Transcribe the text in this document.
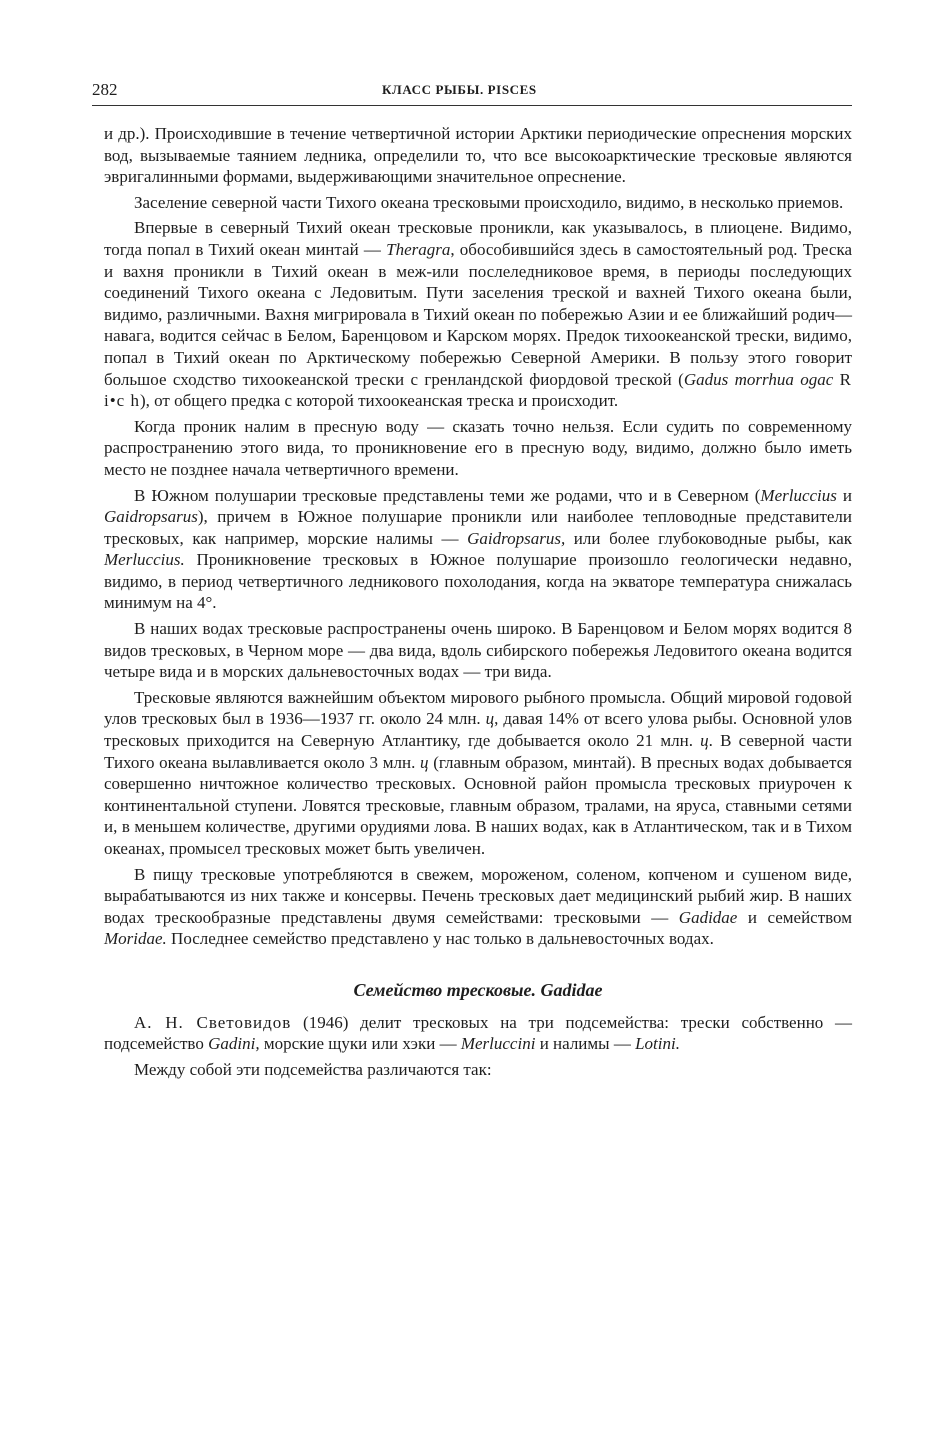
282	КЛАСС РЫБЫ. PISCES

и др.). Происходившие в течение четвертичной истории Арктики периодические опреснения морских вод, вызываемые таянием ледника, определили то, что все высокоарктические тресковые являются эвригалинными формами, выдерживающими значительное опреснение.

Заселение северной части Тихого океана тресковыми происходило, видимо, в несколько приемов.

Впервые в северный Тихий океан тресковые проникли, как указывалось, в плиоцене. Видимо, тогда попал в Тихий океан минтай — Theragra, обособившийся здесь в самостоятельный род. Треска и вахня проникли в Тихий океан в меж-или послеледниковое время, в периоды последующих соединений Тихого океана с Ледовитым. Пути заселения треской и вахней Тихого океана были, видимо, различными. Вахня мигрировала в Тихий океан по побережью Азии и ее ближайший родич—навага, водится сейчас в Белом, Баренцовом и Карском морях. Предок тихоокеанской трески, видимо, попал в Тихий океан по Арктическому побережью Северной Америки. В пользу этого говорит большое сходство тихоокеанской трески с гренландской фиордовой треской (Gadus morrhua ogac R i•c h), от общего предка с которой тихоокеанская треска и происходит.

Когда проник налим в пресную воду — сказать точно нельзя. Если судить по современному распространению этого вида, то проникновение его в пресную воду, видимо, должно было иметь место не позднее начала четвертичного времени.

В Южном полушарии тресковые представлены теми же родами, что и в Северном (Merluccius и Gaidropsarus), причем в Южное полушарие проникли или наиболее тепловодные представители тресковых, как например, морские налимы — Gaidropsarus, или более глубоководные рыбы, как Merluccius. Проникновение тресковых в Южное полушарие произошло геологически недавно, видимо, в период четвертичного ледникового похолодания, когда на экваторе температура снижалась минимум на 4°.

В наших водах тресковые распространены очень широко. В Баренцовом и Белом морях водится 8 видов тресковых, в Черном море — два вида, вдоль сибирского побережья Ледовитого океана водится четыре вида и в морских дальневосточных водах — три вида.

Тресковые являются важнейшим объектом мирового рыбного промысла. Общий мировой годовой улов тресковых был в 1936—1937 гг. около 24 млн. ц, давая 14% от всего улова рыбы. Основной улов тресковых приходится на Северную Атлантику, где добывается около 21 млн. ц. В северной части Тихого океана вылавливается около 3 млн. ц (главным образом, минтай). В пресных водах добывается совершенно ничтожное количество тресковых. Основной район промысла тресковых приурочен к континентальной ступени. Ловятся тресковые, главным образом, тралами, на яруса, ставными сетями и, в меньшем количестве, другими орудиями лова. В наших водах, как в Атлантическом, так и в Тихом океанах, промысел тресковых может быть увеличен.

В пищу тресковые употребляются в свежем, мороженом, соленом, копченом и сушеном виде, вырабатываются из них также и консервы. Печень тресковых дает медицинский рыбий жир. В наших водах трескообразные представлены двумя семействами: тресковыми — Gadidae и семейством Moridae. Последнее семейство представлено у нас только в дальневосточных водах.

Семейство тресковые. Gadidae

А. Н. Световидов (1946) делит тресковых на три подсемейства: трески собственно — подсемейство Gadini, морские щуки или хэки — Merluccini и налимы — Lotini.

Между собой эти подсемейства различаются так:
